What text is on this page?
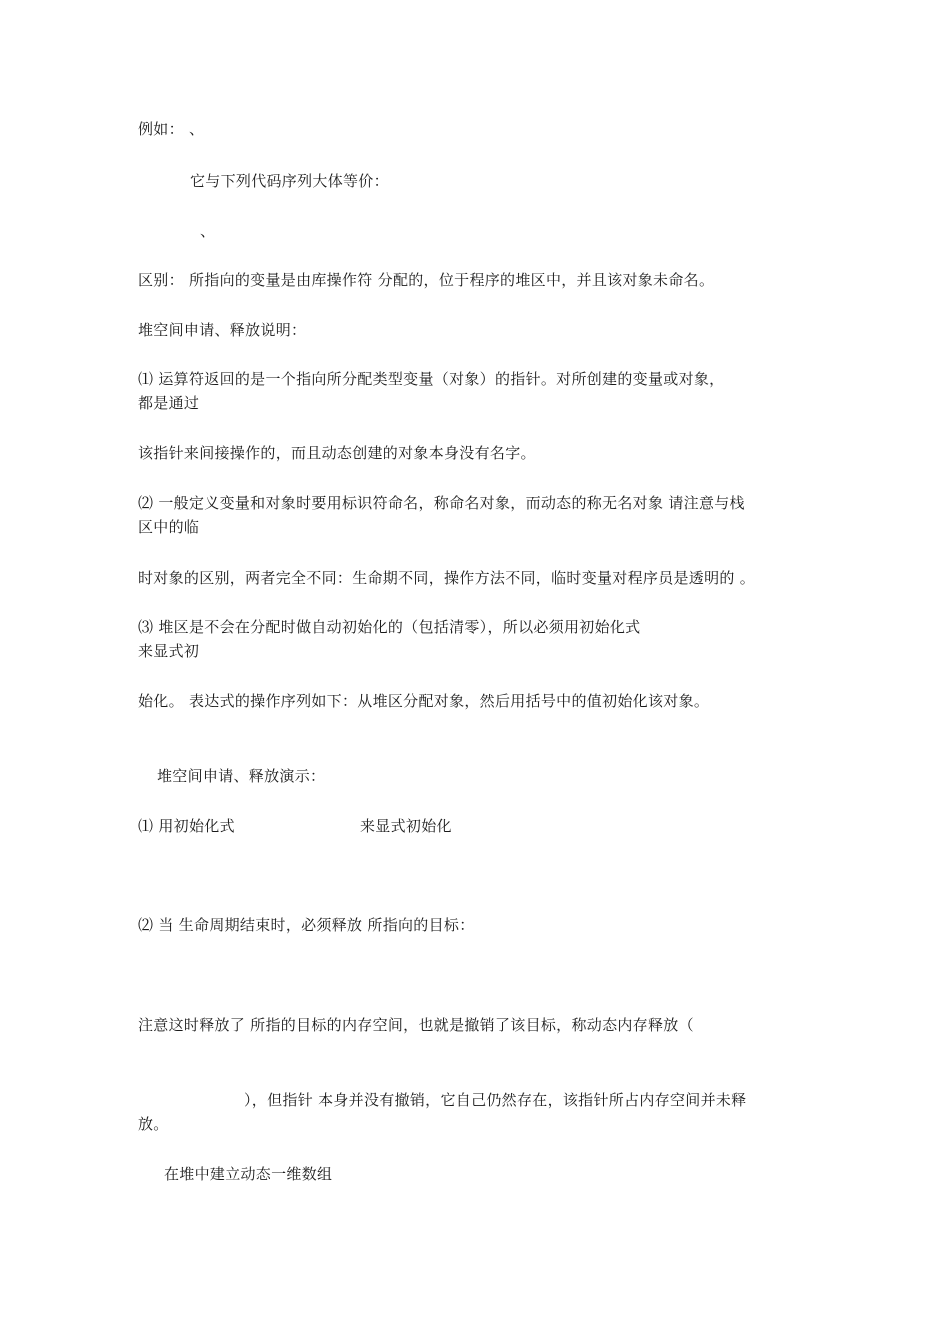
例如： 、
它与下列代码序列大体等价：
、
区别： 所指向的变量是由库操作符 分配的，位于程序的堆区中，并且该对象未命名。
堆空间申请、释放说明：
⑴ 运算符返回的是一个指向所分配类型变量（对象）的指针。对所创建的变量或对象，
都是通过
该指针来间接操作的，而且动态创建的对象本身没有名字。
⑵ 一般定义变量和对象时要用标识符命名，称命名对象，而动态的称无名对象 请注意与栈
区中的临
时对象的区别，两者完全不同：生命期不同，操作方法不同，临时变量对程序员是透明的 。
⑶ 堆区是不会在分配时做自动初始化的（包括清零），所以必须用初始化式
来显式初
始化。 表达式的操作序列如下：从堆区分配对象，然后用括号中的值初始化该对象。
堆空间申请、释放演示：
⑴ 用初始化式	来显式初始化
⑵ 当 生命周期结束时，必须释放 所指向的目标：
注意这时释放了 所指的目标的内存空间，也就是撤销了该目标，称动态内存释放（
），但指针 本身并没有撤销，它自己仍然存在，该指针所占内存空间并未释
放。
在堆中建立动态一维数组
